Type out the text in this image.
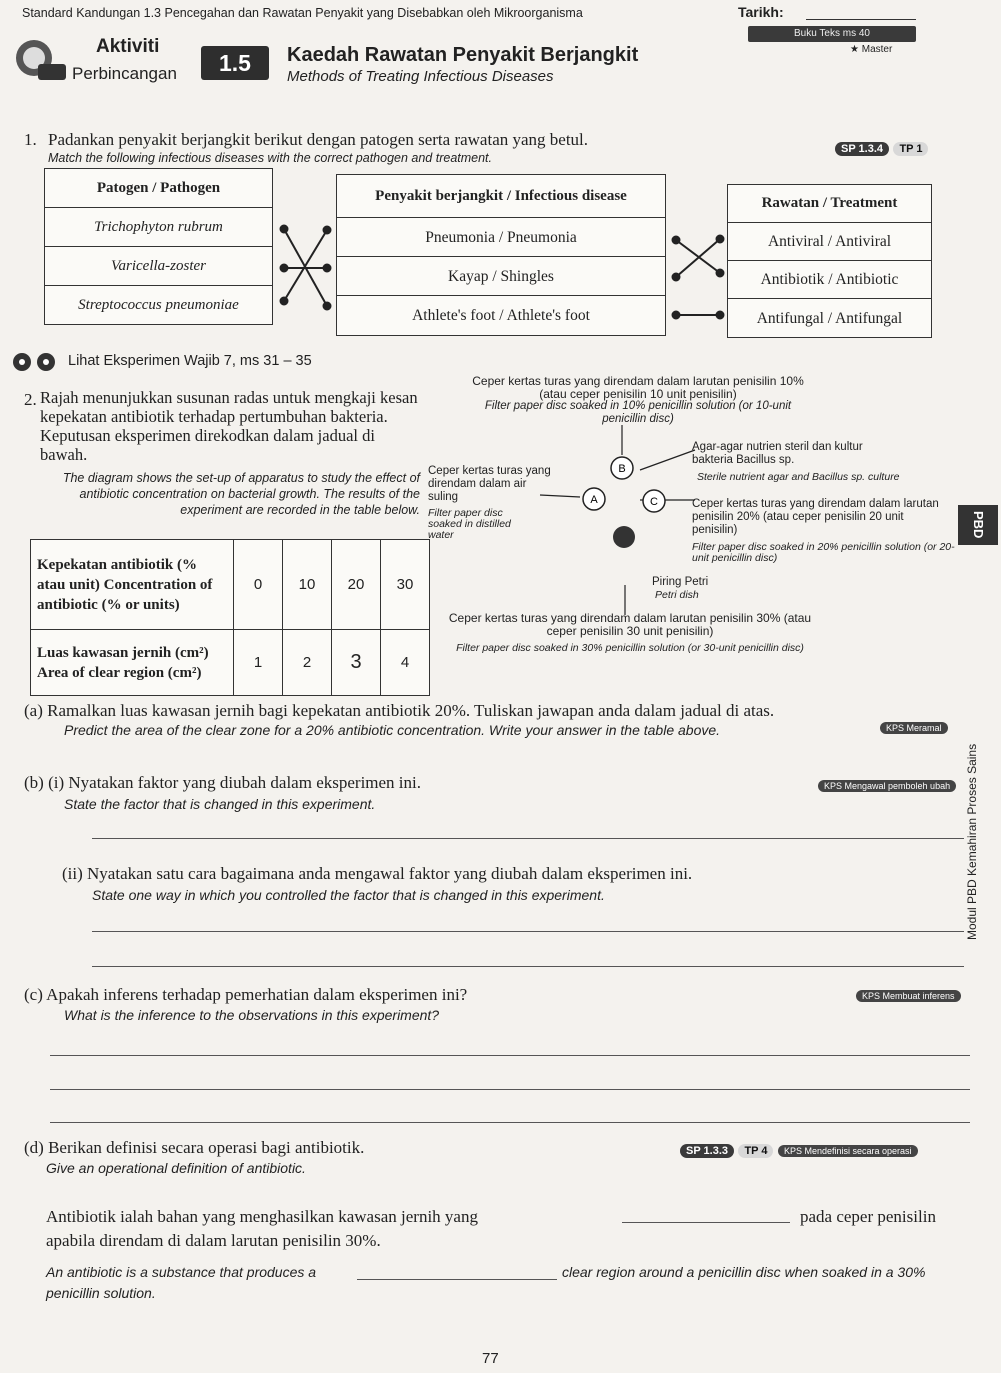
Standard Kandungan 1.3 Pencegahan dan Rawatan Penyakit yang Disebabkan oleh Mikroorganisma	Tarikh:
Buku Teks ms 40
★ Master
Aktiviti
Perbincangan	1.5	Kaedah Rawatan Penyakit Berjangkit
Methods of Treating Infectious Diseases
1. Padankan penyakit berjangkit berikut dengan patogen serta rawatan yang betul.
Match the following infectious diseases with the correct pathogen and treatment.
SP 1.3.4 TP 1
Patogen / Pathogen
Trichophyton rubrum
Varicella-zoster
Streptococcus pneumoniae
Penyakit berjangkit / Infectious disease
Pneumonia / Pneumonia
Kayap / Shingles
Athlete's foot / Athlete's foot
Rawatan / Treatment
Antiviral / Antiviral
Antibiotik / Antibiotic
Antifungal / Antifungal
Lihat Eksperimen Wajib 7, ms 31 – 35
2. Rajah menunjukkan susunan radas untuk mengkaji kesan kepekatan antibiotik terhadap pertumbuhan bakteria. Keputusan eksperimen direkodkan dalam jadual di bawah.
The diagram shows the set-up of apparatus to study the effect of antibiotic concentration on bacterial growth. The results of the experiment are recorded in the table below.
Kepekatan antibiotik (% atau unit) Concentration of antibiotic (% or units)	0	10	20	30
Luas kawasan jernih (cm²) Area of clear region (cm²)	1	2	3	4
Ceper kertas turas yang direndam dalam larutan penisilin 10% (atau ceper penisilin 10 unit penisilin)
Filter paper disc soaked in 10% penicillin solution (or 10-unit penicillin disc)
Agar-agar nutrien steril dan kultur bakteria Bacillus sp.
Sterile nutrient agar and Bacillus sp. culture
Ceper kertas turas yang direndam dalam air suling
Filter paper disc soaked in distilled water
Ceper kertas turas yang direndam dalam larutan penisilin 20% (atau ceper penisilin 20 unit penisilin)
Filter paper disc soaked in 20% penicillin solution (or 20-unit penicillin disc)
Piring Petri
Petri dish
Ceper kertas turas yang direndam dalam larutan penisilin 30% (atau ceper penisilin 30 unit penisilin)
Filter paper disc soaked in 30% penicillin solution (or 30-unit penicillin disc)
A
B
C
PBD
Modul PBD Kemahiran Proses Sains
(a) Ramalkan luas kawasan jernih bagi kepekatan antibiotik 20%. Tuliskan jawapan anda dalam jadual di atas.
Predict the area of the clear zone for a 20% antibiotic concentration. Write your answer in the table above.	KPS Meramal
(b) (i) Nyatakan faktor yang diubah dalam eksperimen ini.
State the factor that is changed in this experiment.
KPS Mengawal pemboleh ubah
(ii) Nyatakan satu cara bagaimana anda mengawal faktor yang diubah dalam eksperimen ini.
State one way in which you controlled the factor that is changed in this experiment.
(c) Apakah inferens terhadap pemerhatian dalam eksperimen ini?
What is the inference to the observations in this experiment?
KPS Membuat inferens
(d) Berikan definisi secara operasi bagi antibiotik.
Give an operational definition of antibiotic.
SP 1.3.3 TP 4 KPS Mendefinisi secara operasi
Antibiotik ialah bahan yang menghasilkan kawasan jernih yang	pada ceper penisilin
apabila direndam di dalam larutan penisilin 30%.
An antibiotic is a substance that produces a	clear region around a penicillin disc when soaked in a 30%
penicillin solution.
77
